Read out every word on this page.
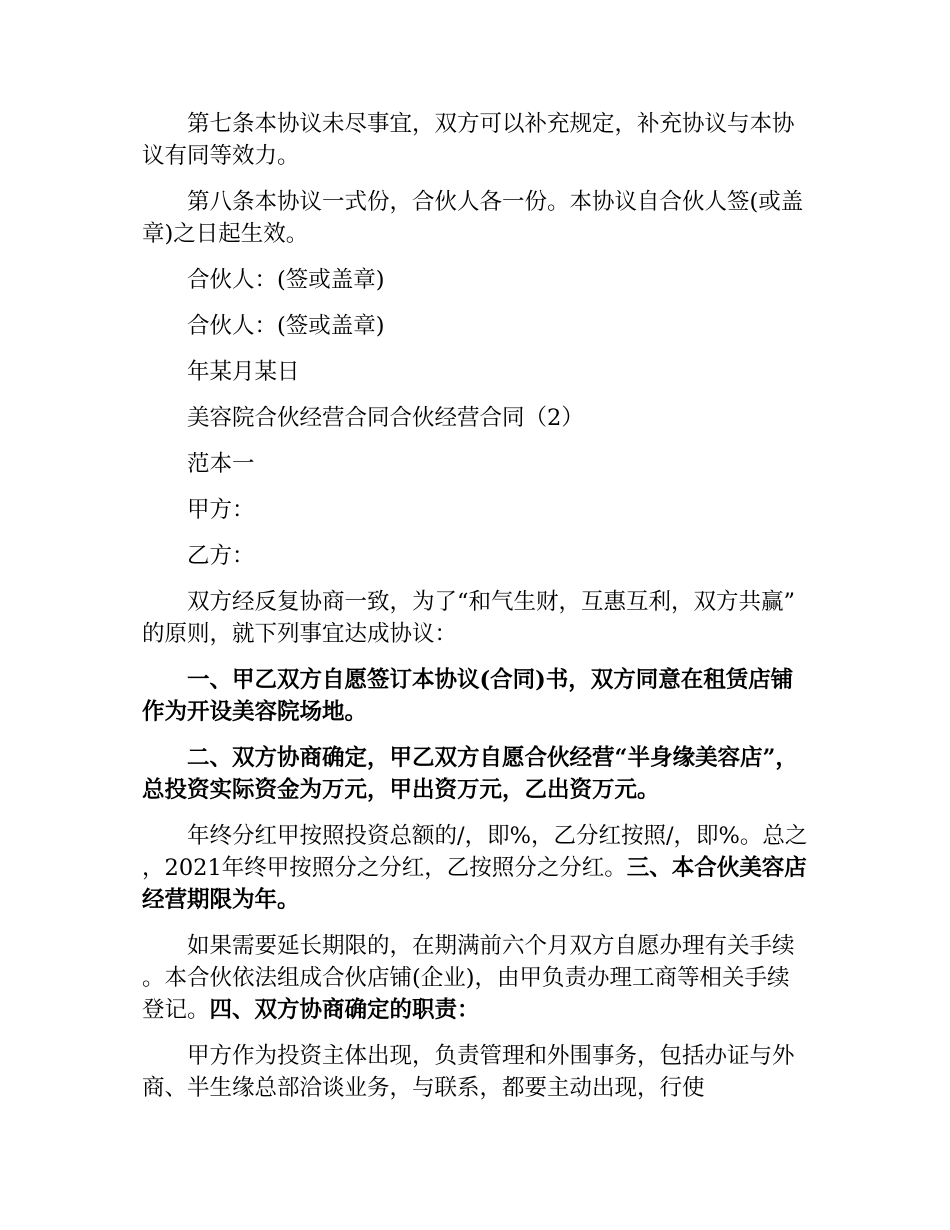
第七条本协议未尽事宜，双方可以补充规定，补充协议与本协议有同等效力。

第八条本协议一式份，合伙人各一份。本协议自合伙人签(或盖章)之日起生效。

合伙人：(签或盖章)

合伙人：(签或盖章)

年某月某日

美容院合伙经营合同合伙经营合同（2）

范本一

甲方：

乙方：

双方经反复协商一致，为了“和气生财，互惠互利，双方共赢”的原则，就下列事宜达成协议：

一、甲乙双方自愿签订本协议(合同)书，双方同意在租赁店铺作为开设美容院场地。

二、双方协商确定，甲乙双方自愿合伙经营“半身缘美容店”，总投资实际资金为万元，甲出资万元，乙出资万元。

年终分红甲按照投资总额的/，即%，乙分红按照/，即%。总之，2021年终甲按照分之分红，乙按照分之分红。三、本合伙美容店经营期限为年。

如果需要延长期限的，在期满前六个月双方自愿办理有关手续。本合伙依法组成合伙店铺(企业)，由甲负责办理工商等相关手续登记。四、双方协商确定的职责：

甲方作为投资主体出现，负责管理和外围事务，包括办证与外商、半生缘总部洽谈业务，与联系，都要主动出现，行使
